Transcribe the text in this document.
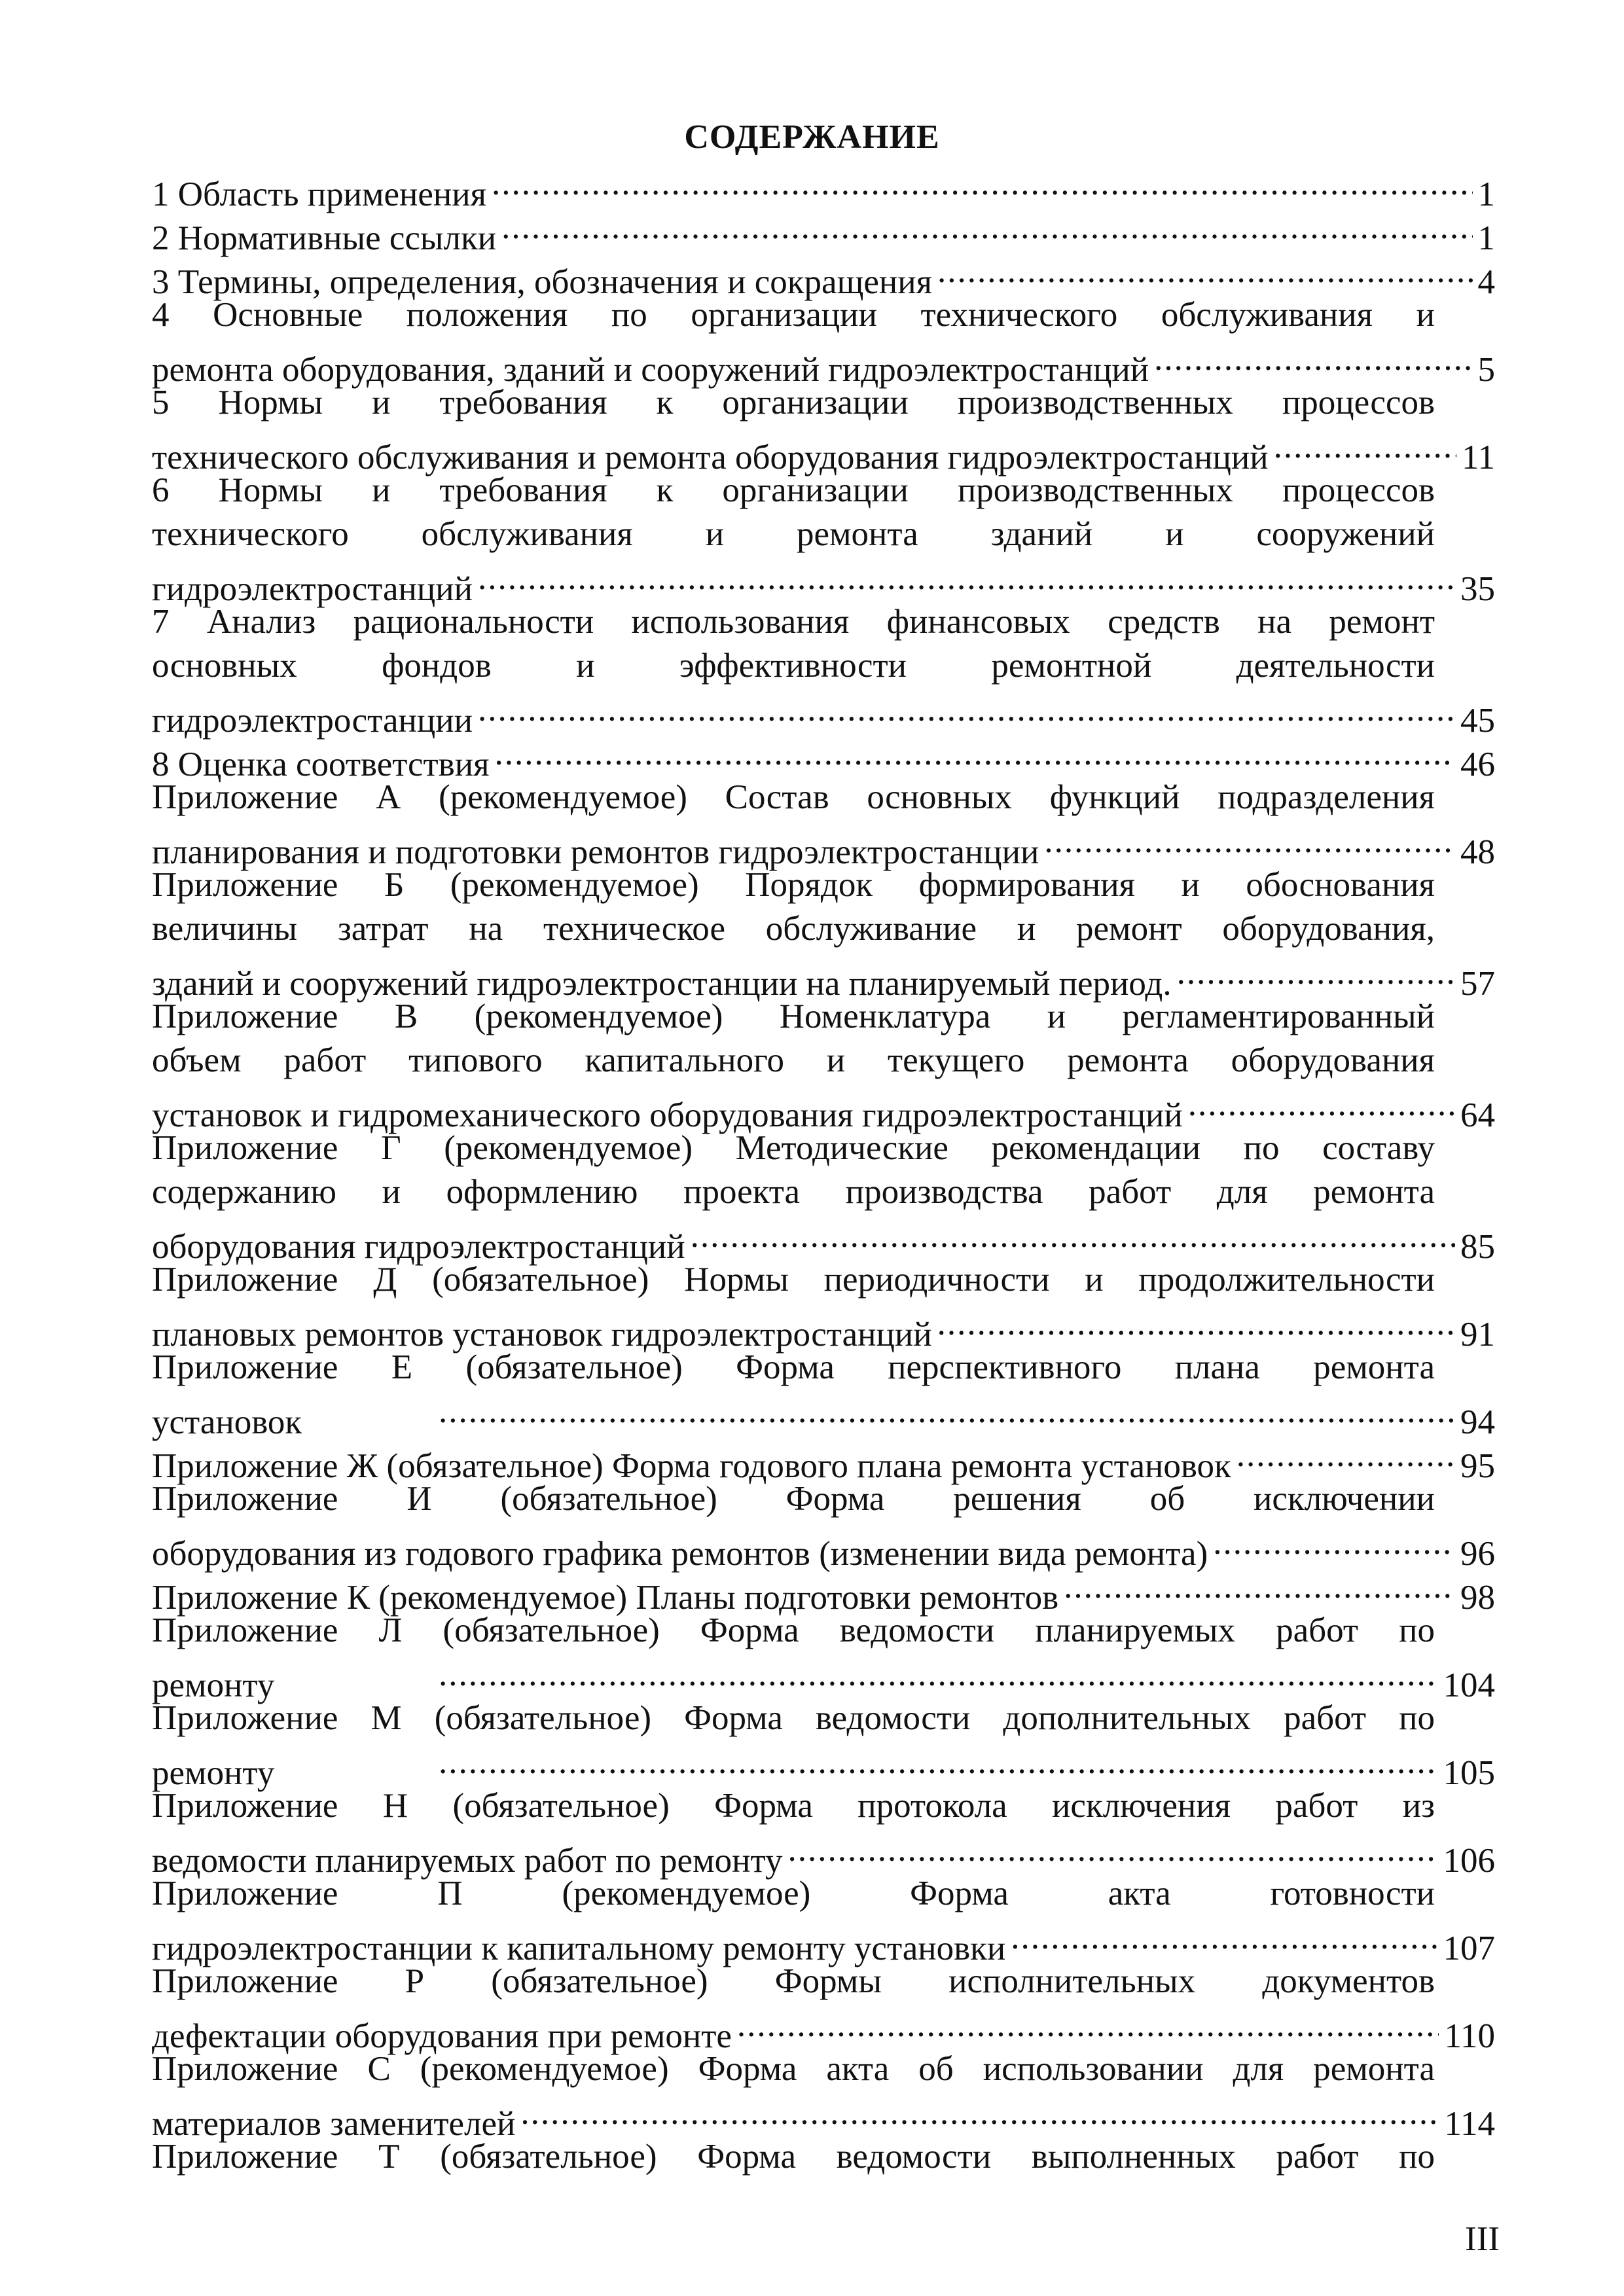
СОДЕРЖАНИЕ
1 Область применения .....	1
2 Нормативные ссылки .....	1
3 Термины, определения, обозначения и сокращения .....	4
4 Основные положения по организации технического обслуживания и
ремонта оборудования, зданий и сооружений гидроэлектростанций .....	5
5 Нормы и требования к организации производственных процессов
технического обслуживания и ремонта оборудования гидроэлектростанций .....	11
6 Нормы и требования к организации производственных процессов
технического обслуживания и ремонта зданий и сооружений
гидроэлектростанций .....	35
7 Анализ рациональности использования финансовых средств на ремонт
основных фондов и эффективности ремонтной деятельности
гидроэлектростанции .....	45
8 Оценка соответствия .....	46
Приложение А (рекомендуемое) Состав основных функций подразделения
планирования и подготовки ремонтов гидроэлектростанции .....	48
Приложение Б (рекомендуемое) Порядок формирования и обоснования
величины затрат на техническое обслуживание и ремонт оборудования,
зданий и сооружений гидроэлектростанции на планируемый период. .....	57
Приложение В (рекомендуемое) Номенклатура и регламентированный
объем работ типового капитального и текущего ремонта оборудования
установок и гидромеханического оборудования гидроэлектростанций .....	64
Приложение Г (рекомендуемое) Методические рекомендации по составу
содержанию и оформлению проекта производства работ для ремонта
оборудования гидроэлектростанций .....	85
Приложение Д (обязательное) Нормы периодичности и продолжительности
плановых ремонтов установок гидроэлектростанций .....	91
Приложение Е (обязательное) Форма перспективного плана ремонта
установок .....	94
Приложение Ж (обязательное) Форма годового плана ремонта установок .....	95
Приложение И (обязательное) Форма решения об исключении
оборудования из годового графика ремонтов (изменении вида ремонта) .....	96
Приложение К (рекомендуемое) Планы подготовки ремонтов .....	98
Приложение Л (обязательное) Форма ведомости планируемых работ по
ремонту .....	104
Приложение М (обязательное) Форма ведомости дополнительных работ по
ремонту .....	105
Приложение Н (обязательное) Форма протокола исключения работ из
ведомости планируемых работ по ремонту .....	106
Приложение П (рекомендуемое) Форма акта готовности
гидроэлектростанции к капитальному ремонту установки .....	107
Приложение Р (обязательное) Формы исполнительных документов
дефектации оборудования при ремонте .....	110
Приложение С (рекомендуемое) Форма акта об использовании для ремонта
материалов заменителей .....	114
Приложение Т (обязательное) Форма ведомости выполненных работ по
III
